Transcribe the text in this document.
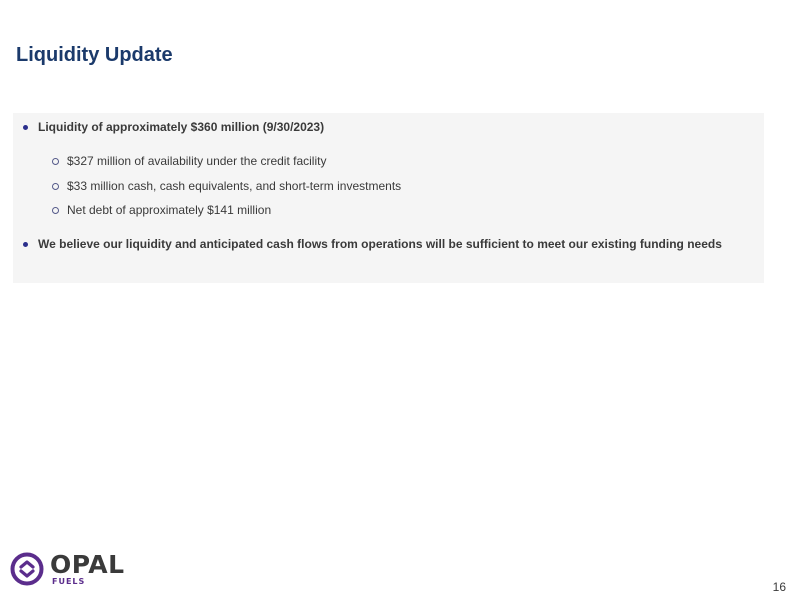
Liquidity Update
Liquidity of approximately $360 million (9/30/2023)
$327 million of availability under the credit facility
$33 million cash, cash equivalents, and short-term investments
Net debt of approximately $141 million
We believe our liquidity and anticipated cash flows from operations will be sufficient to meet our existing funding needs
OPAL
FUELS	16
